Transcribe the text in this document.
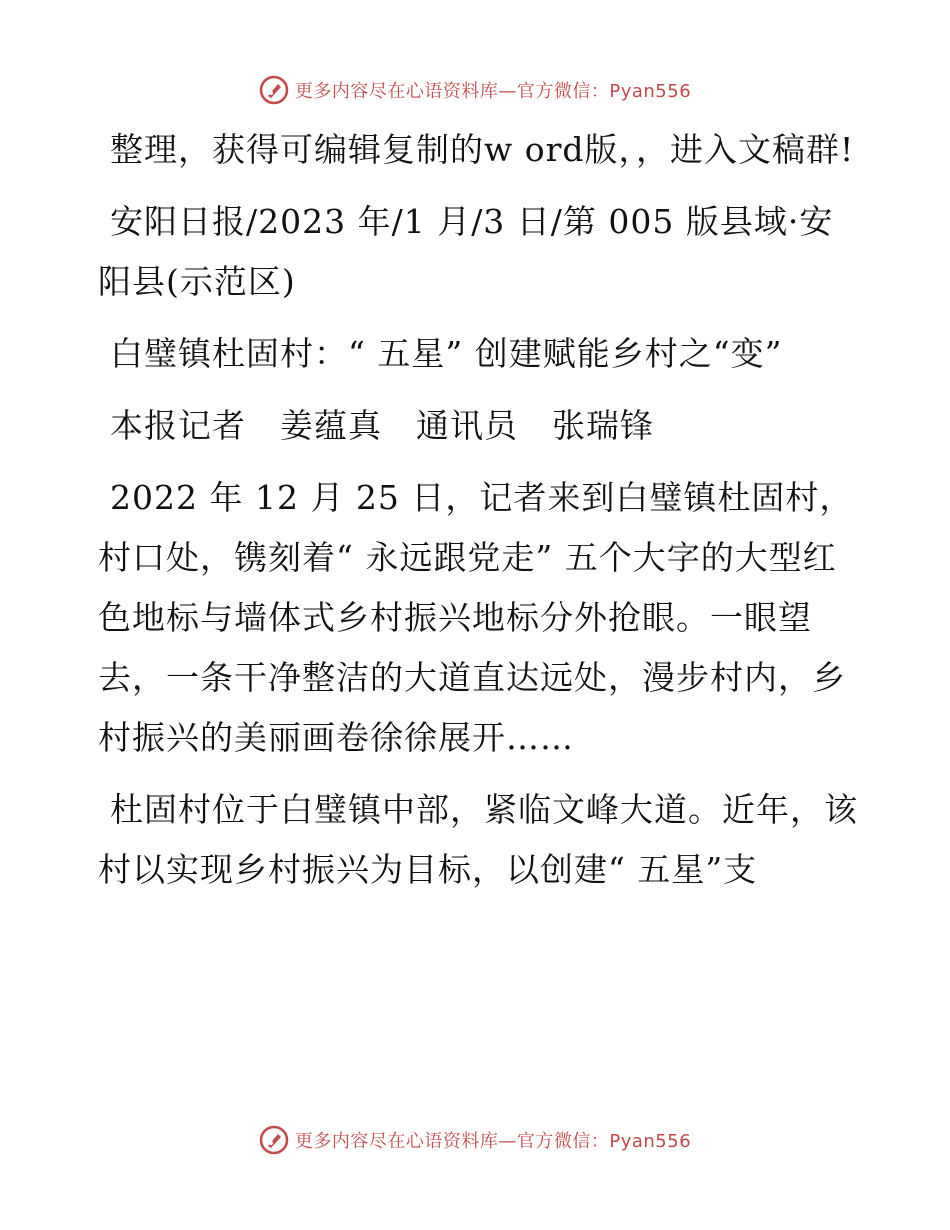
更多内容尽在心语资料库—官方微信：Pyan556

整理，获得可编辑复制的w ord版，，进入文稿群!

安阳日报/2023 年/1 月/3 日/第 005 版县域·安阳县(示范区)

白璧镇杜固村：“ 五星” 创建赋能乡村之“变”

本报记者　姜蕴真　通讯员　张瑞锋

2022 年 12 月 25 日，记者来到白璧镇杜固村，村口处，镌刻着“ 永远跟党走” 五个大字的大型红色地标与墙体式乡村振兴地标分外抢眼。一眼望去，一条干净整洁的大道直达远处，漫步村内，乡村振兴的美丽画卷徐徐展开……

杜固村位于白璧镇中部，紧临文峰大道。近年，该村以实现乡村振兴为目标，以创建“ 五星”支

更多内容尽在心语资料库—官方微信：Pyan556
